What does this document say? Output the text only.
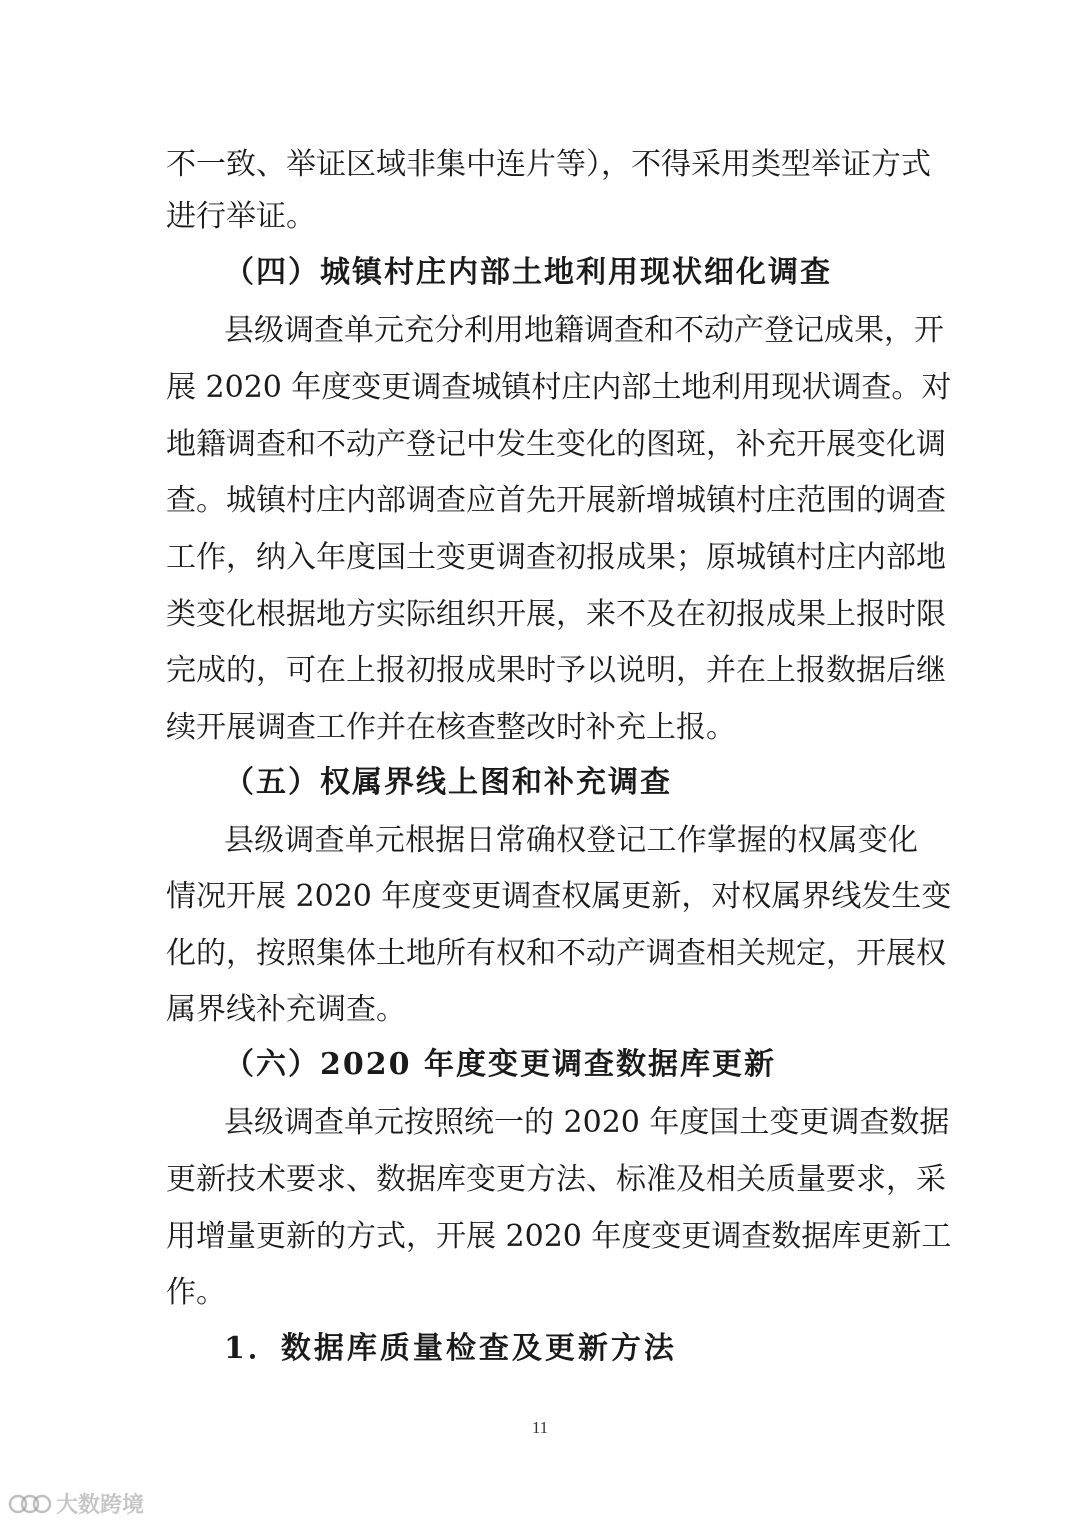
不一致、举证区域非集中连片等），不得采用类型举证方式
进行举证。
（四）城镇村庄内部土地利用现状细化调查
县级调查单元充分利用地籍调查和不动产登记成果，开
展 2020 年度变更调查城镇村庄内部土地利用现状调查。对
地籍调查和不动产登记中发生变化的图斑，补充开展变化调
查。城镇村庄内部调查应首先开展新增城镇村庄范围的调查
工作，纳入年度国土变更调查初报成果；原城镇村庄内部地
类变化根据地方实际组织开展，来不及在初报成果上报时限
完成的，可在上报初报成果时予以说明，并在上报数据后继
续开展调查工作并在核查整改时补充上报。
（五）权属界线上图和补充调查
县级调查单元根据日常确权登记工作掌握的权属变化
情况开展 2020 年度变更调查权属更新，对权属界线发生变
化的，按照集体土地所有权和不动产调查相关规定，开展权
属界线补充调查。
（六）2020 年度变更调查数据库更新
县级调查单元按照统一的 2020 年度国土变更调查数据
更新技术要求、数据库变更方法、标准及相关质量要求，采
用增量更新的方式，开展 2020 年度变更调查数据库更新工
作。
1．数据库质量检查及更新方法
11
大数跨境
